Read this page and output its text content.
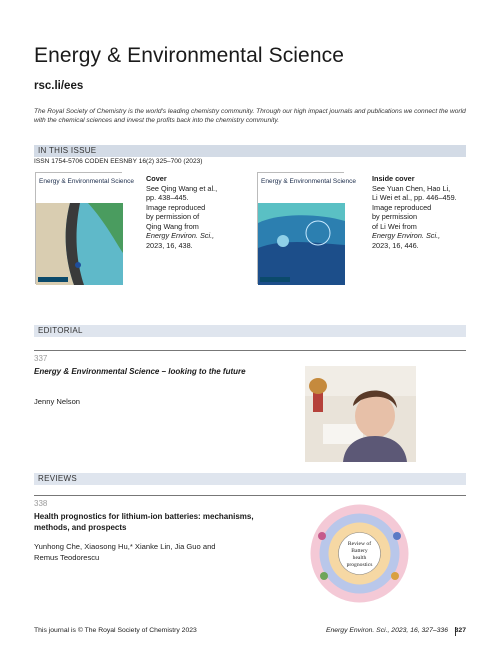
Energy & Environmental Science
rsc.li/ees
The Royal Society of Chemistry is the world's leading chemistry community. Through our high impact journals and publications we connect the world with the chemical sciences and invest the profits back into the chemistry community.
IN THIS ISSUE
ISSN 1754-5706 CODEN EESNBY 16(2) 325–700 (2023)
Energy & Environmental Science Cover
See Qing Wang et al.,
pp. 438–445.
Image reproduced
by permission of
Qing Wang from
Energy Environ. Sci.,
2023, 16, 438.
Energy & Environmental Science Inside cover
See Yuan Chen, Hao Li,
Li Wei et al., pp. 446–459.
Image reproduced
by permission
of Li Wei from
Energy Environ. Sci.,
2023, 16, 446.
EDITORIAL
337
Energy & Environmental Science – looking to the future
Jenny Nelson
REVIEWS
338
Health prognostics for lithium-ion batteries: mechanisms, methods, and prospects
Yunhong Che, Xiaosong Hu,* Xianke Lin, Jia Guo and Remus Teodorescu
Review of Battery health prognostics
This journal is © The Royal Society of Chemistry 2023	Energy Environ. Sci., 2023, 16, 327–336 327
